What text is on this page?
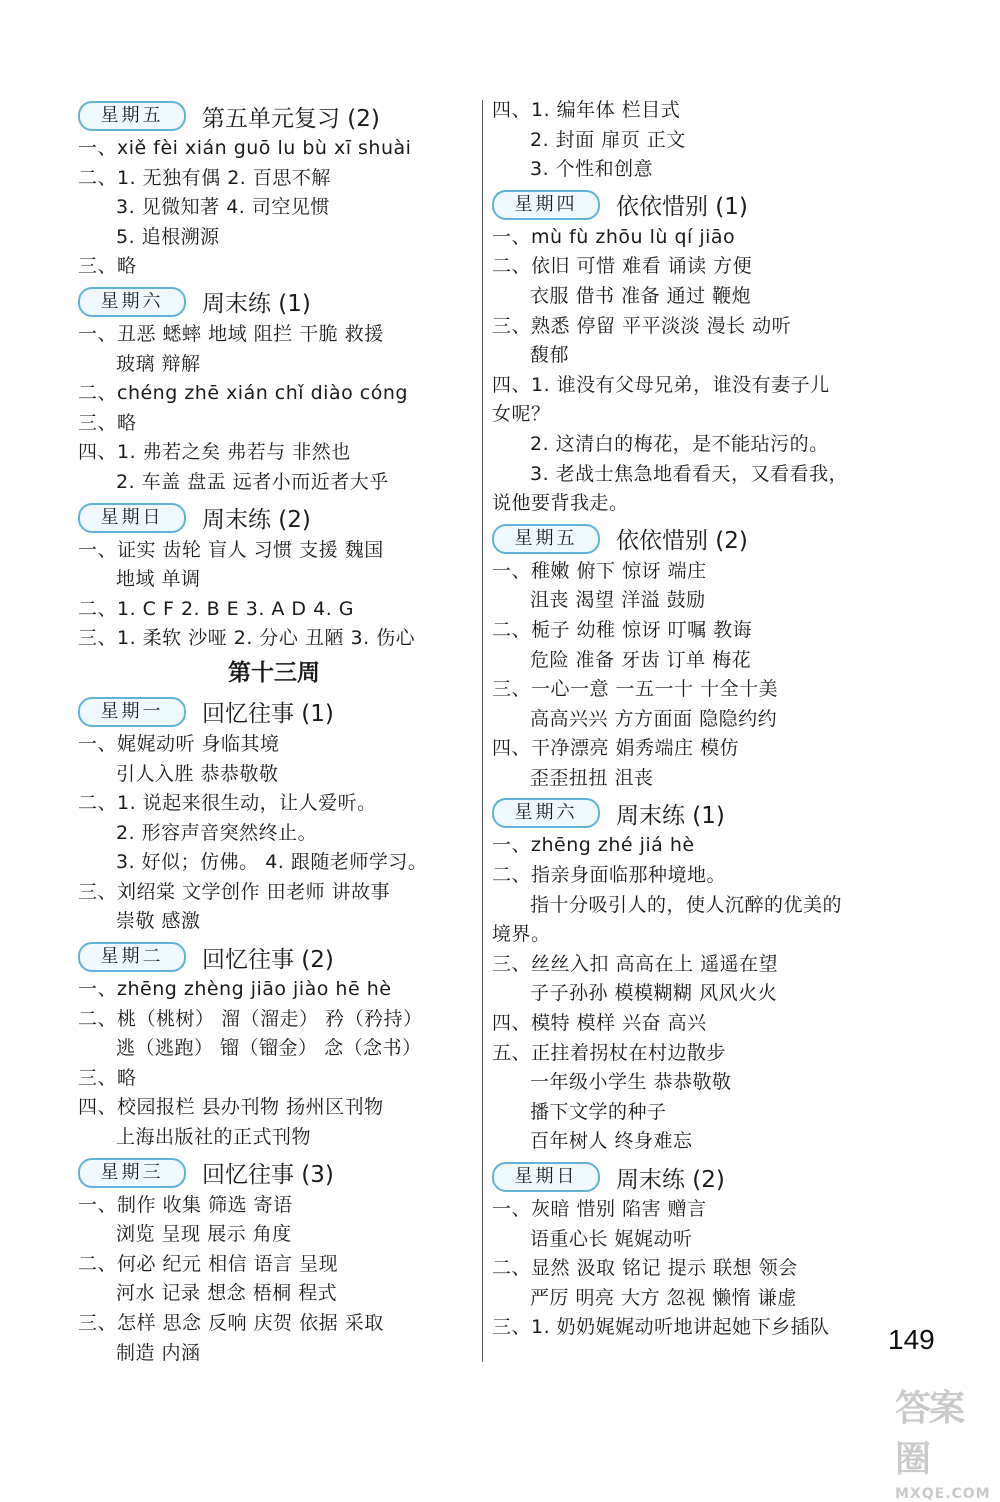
星期五	第五单元复习 (2)
一、xiě fèi xián guō lu bù xī shuài
二、1. 无独有偶 2. 百思不解
3. 见微知著 4. 司空见惯
5. 追根溯源
三、略
星期六	周末练 (1)
一、丑恶 蟋蟀 地域 阻拦 干脆 救援
玻璃 辩解
二、chéng zhē xián chǐ diào cóng
三、略
四、1. 弗若之矣 弗若与 非然也
2. 车盖 盘盂 远者小而近者大乎
星期日	周末练 (2)
一、证实 齿轮 盲人 习惯 支援 魏国
地域 单调
二、1. C F 2. B E 3. A D 4. G
三、1. 柔软 沙哑 2. 分心 丑陋 3. 伤心
第十三周
星期一	回忆往事 (1)
一、娓娓动听 身临其境
引人入胜 恭恭敬敬
二、1. 说起来很生动，让人爱听。
2. 形容声音突然终止。
3. 好似；仿佛。 4. 跟随老师学习。
三、刘绍棠 文学创作 田老师 讲故事
崇敬 感激
星期二	回忆往事 (2)
一、zhēng zhèng jiāo jiào hē hè
二、桃（桃树） 溜（溜走） 矜（矜持）
逃（逃跑） 镏（镏金） 念（念书）
三、略
四、校园报栏 县办刊物 扬州区刊物
上海出版社的正式刊物
星期三	回忆往事 (3)
一、制作 收集 筛选 寄语
浏览 呈现 展示 角度
二、何必 纪元 相信 语言 呈现
河水 记录 想念 梧桐 程式
三、怎样 思念 反响 庆贺 依据 采取
制造 内涵
四、1. 编年体 栏目式
2. 封面 扉页 正文
3. 个性和创意
星期四	依依惜别 (1)
一、mù fù zhōu lù qí jiāo
二、依旧 可惜 难看 诵读 方便
衣服 借书 准备 通过 鞭炮
三、熟悉 停留 平平淡淡 漫长 动听
馥郁
四、1. 谁没有父母兄弟，谁没有妻子儿
女呢？
2. 这清白的梅花，是不能玷污的。
3. 老战士焦急地看看天，又看看我，
说他要背我走。
星期五	依依惜别 (2)
一、稚嫩 俯下 惊讶 端庄
沮丧 渴望 洋溢 鼓励
二、栀子 幼稚 惊讶 叮嘱 教诲
危险 准备 牙齿 订单 梅花
三、一心一意 一五一十 十全十美
高高兴兴 方方面面 隐隐约约
四、干净漂亮 娟秀端庄 模仿
歪歪扭扭 沮丧
星期六	周末练 (1)
一、zhēng zhé jiá hè
二、指亲身面临那种境地。
指十分吸引人的，使人沉醉的优美的
境界。
三、丝丝入扣 高高在上 遥遥在望
子子孙孙 模模糊糊 风风火火
四、模特 模样 兴奋 高兴
五、正拄着拐杖在村边散步
一年级小学生 恭恭敬敬
播下文学的种子
百年树人 终身难忘
星期日	周末练 (2)
一、灰暗 惜别 陷害 赠言
语重心长 娓娓动听
二、显然 汲取 铭记 提示 联想 领会
严厉 明亮 大方 忽视 懒惰 谦虚
三、1. 奶奶娓娓动听地讲起她下乡插队	149
答案圈
MXQE.COM
